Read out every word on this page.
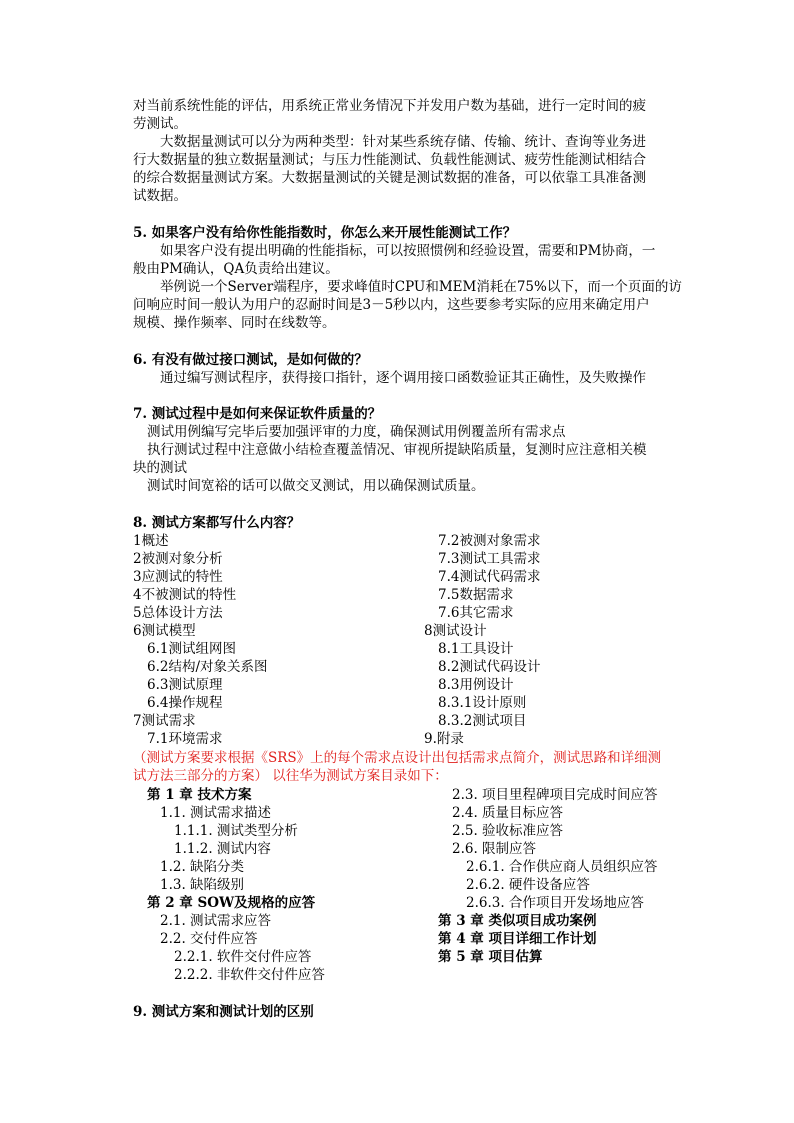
对当前系统性能的评估，用系统正常业务情况下并发用户数为基础，进行一定时间的疲
劳测试。
大数据量测试可以分为两种类型：针对某些系统存储、传输、统计、查询等业务进
行大数据量的独立数据量测试；与压力性能测试、负载性能测试、疲劳性能测试相结合
的综合数据量测试方案。大数据量测试的关键是测试数据的准备，可以依靠工具准备测
试数据。
5. 如果客户没有给你性能指数时，你怎么来开展性能测试工作？
如果客户没有提出明确的性能指标，可以按照惯例和经验设置，需要和PM协商，一
般由PM确认，QA负责给出建议。
举例说一个Server端程序，要求峰值时CPU和MEM消耗在75%以下，而一个页面的访
问响应时间一般认为用户的忍耐时间是3－5秒以内，这些要参考实际的应用来确定用户
规模、操作频率、同时在线数等。
6. 有没有做过接口测试，是如何做的？
通过编写测试程序，获得接口指针，逐个调用接口函数验证其正确性，及失败操作
7. 测试过程中是如何来保证软件质量的？
测试用例编写完毕后要加强评审的力度，确保测试用例覆盖所有需求点
执行测试过程中注意做小结检查覆盖情况、审视所提缺陷质量，复测时应注意相关模
块的测试
测试时间宽裕的话可以做交叉测试，用以确保测试质量。
8. 测试方案都写什么内容？
1概述
2被测对象分析
3应测试的特性
4不被测试的特性
5总体设计方法
6测试模型
6.1测试组网图
6.2结构/对象关系图
6.3测试原理
6.4操作规程
7测试需求
7.1环境需求
7.2被测对象需求
7.3测试工具需求
7.4测试代码需求
7.5数据需求
7.6其它需求
8测试设计
8.1工具设计
8.2测试代码设计
8.3用例设计
8.3.1设计原则
8.3.2测试项目
9.附录
（测试方案要求根据《SRS》上的每个需求点设计出包括需求点简介，测试思路和详细测
试方法三部分的方案） 以往华为测试方案目录如下：
第 1 章 技术方案
1.1. 测试需求描述
1.1.1. 测试类型分析
1.1.2. 测试内容
1.2. 缺陷分类
1.3. 缺陷级别
第 2 章 SOW及规格的应答
2.1. 测试需求应答
2.2. 交付件应答
2.2.1. 软件交付件应答
2.2.2. 非软件交付件应答
2.3. 项目里程碑项目完成时间应答
2.4. 质量目标应答
2.5. 验收标准应答
2.6. 限制应答
2.6.1. 合作供应商人员组织应答
2.6.2. 硬件设备应答
2.6.3. 合作项目开发场地应答
第 3 章 类似项目成功案例
第 4 章 项目详细工作计划
第 5 章 项目估算
9. 测试方案和测试计划的区别
